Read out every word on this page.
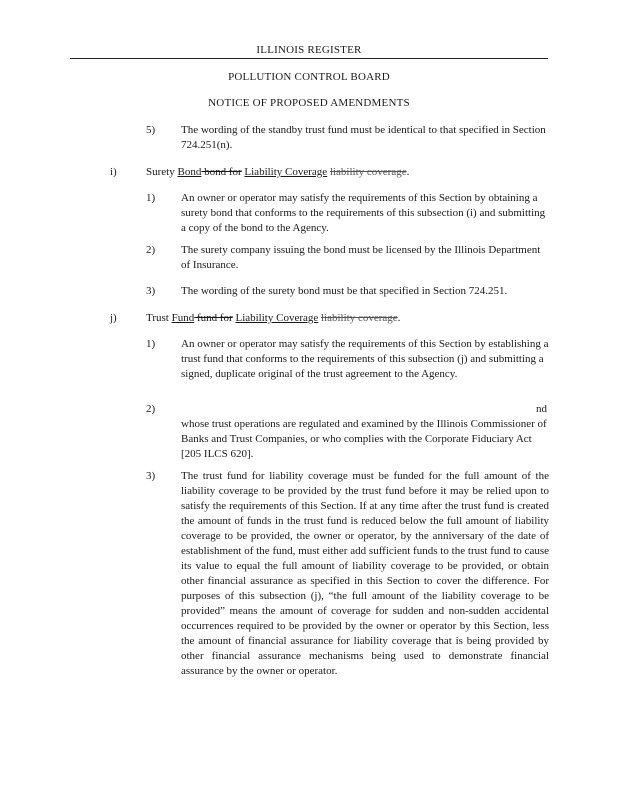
ILLINOIS REGISTER
POLLUTION CONTROL BOARD
NOTICE OF PROPOSED AMENDMENTS
5) The wording of the standby trust fund must be identical to that specified in Section 724.251(n).
i)	Surety Bond bond for Liability Coverage liability coverage.
1) An owner or operator may satisfy the requirements of this Section by obtaining a surety bond that conforms to the requirements of this subsection (i) and submitting a copy of the bond to the Agency.
2) The surety company issuing the bond must be licensed by the Illinois Department of Insurance.
3) The wording of the surety bond must be that specified in Section 724.251.
j)	Trust Fund fund for Liability Coverage liability coverage.
1) An owner or operator may satisfy the requirements of this Section by establishing a trust fund that conforms to the requirements of this subsection (j) and submitting a signed, duplicate original of the trust agreement to the Agency.
2)	nd
whose trust operations are regulated and examined by the Illinois Commissioner of Banks and Trust Companies, or who complies with the Corporate Fiduciary Act [205 ILCS 620].
3) The trust fund for liability coverage must be funded for the full amount of the liability coverage to be provided by the trust fund before it may be relied upon to satisfy the requirements of this Section. If at any time after the trust fund is created the amount of funds in the trust fund is reduced below the full amount of liability coverage to be provided, the owner or operator, by the anniversary of the date of establishment of the fund, must either add sufficient funds to the trust fund to cause its value to equal the full amount of liability coverage to be provided, or obtain other financial assurance as specified in this Section to cover the difference. For purposes of this subsection (j), “the full amount of the liability coverage to be provided” means the amount of coverage for sudden and non-sudden accidental occurrences required to be provided by the owner or operator by this Section, less the amount of financial assurance for liability coverage that is being provided by other financial assurance mechanisms being used to demonstrate financial assurance by the owner or operator.
